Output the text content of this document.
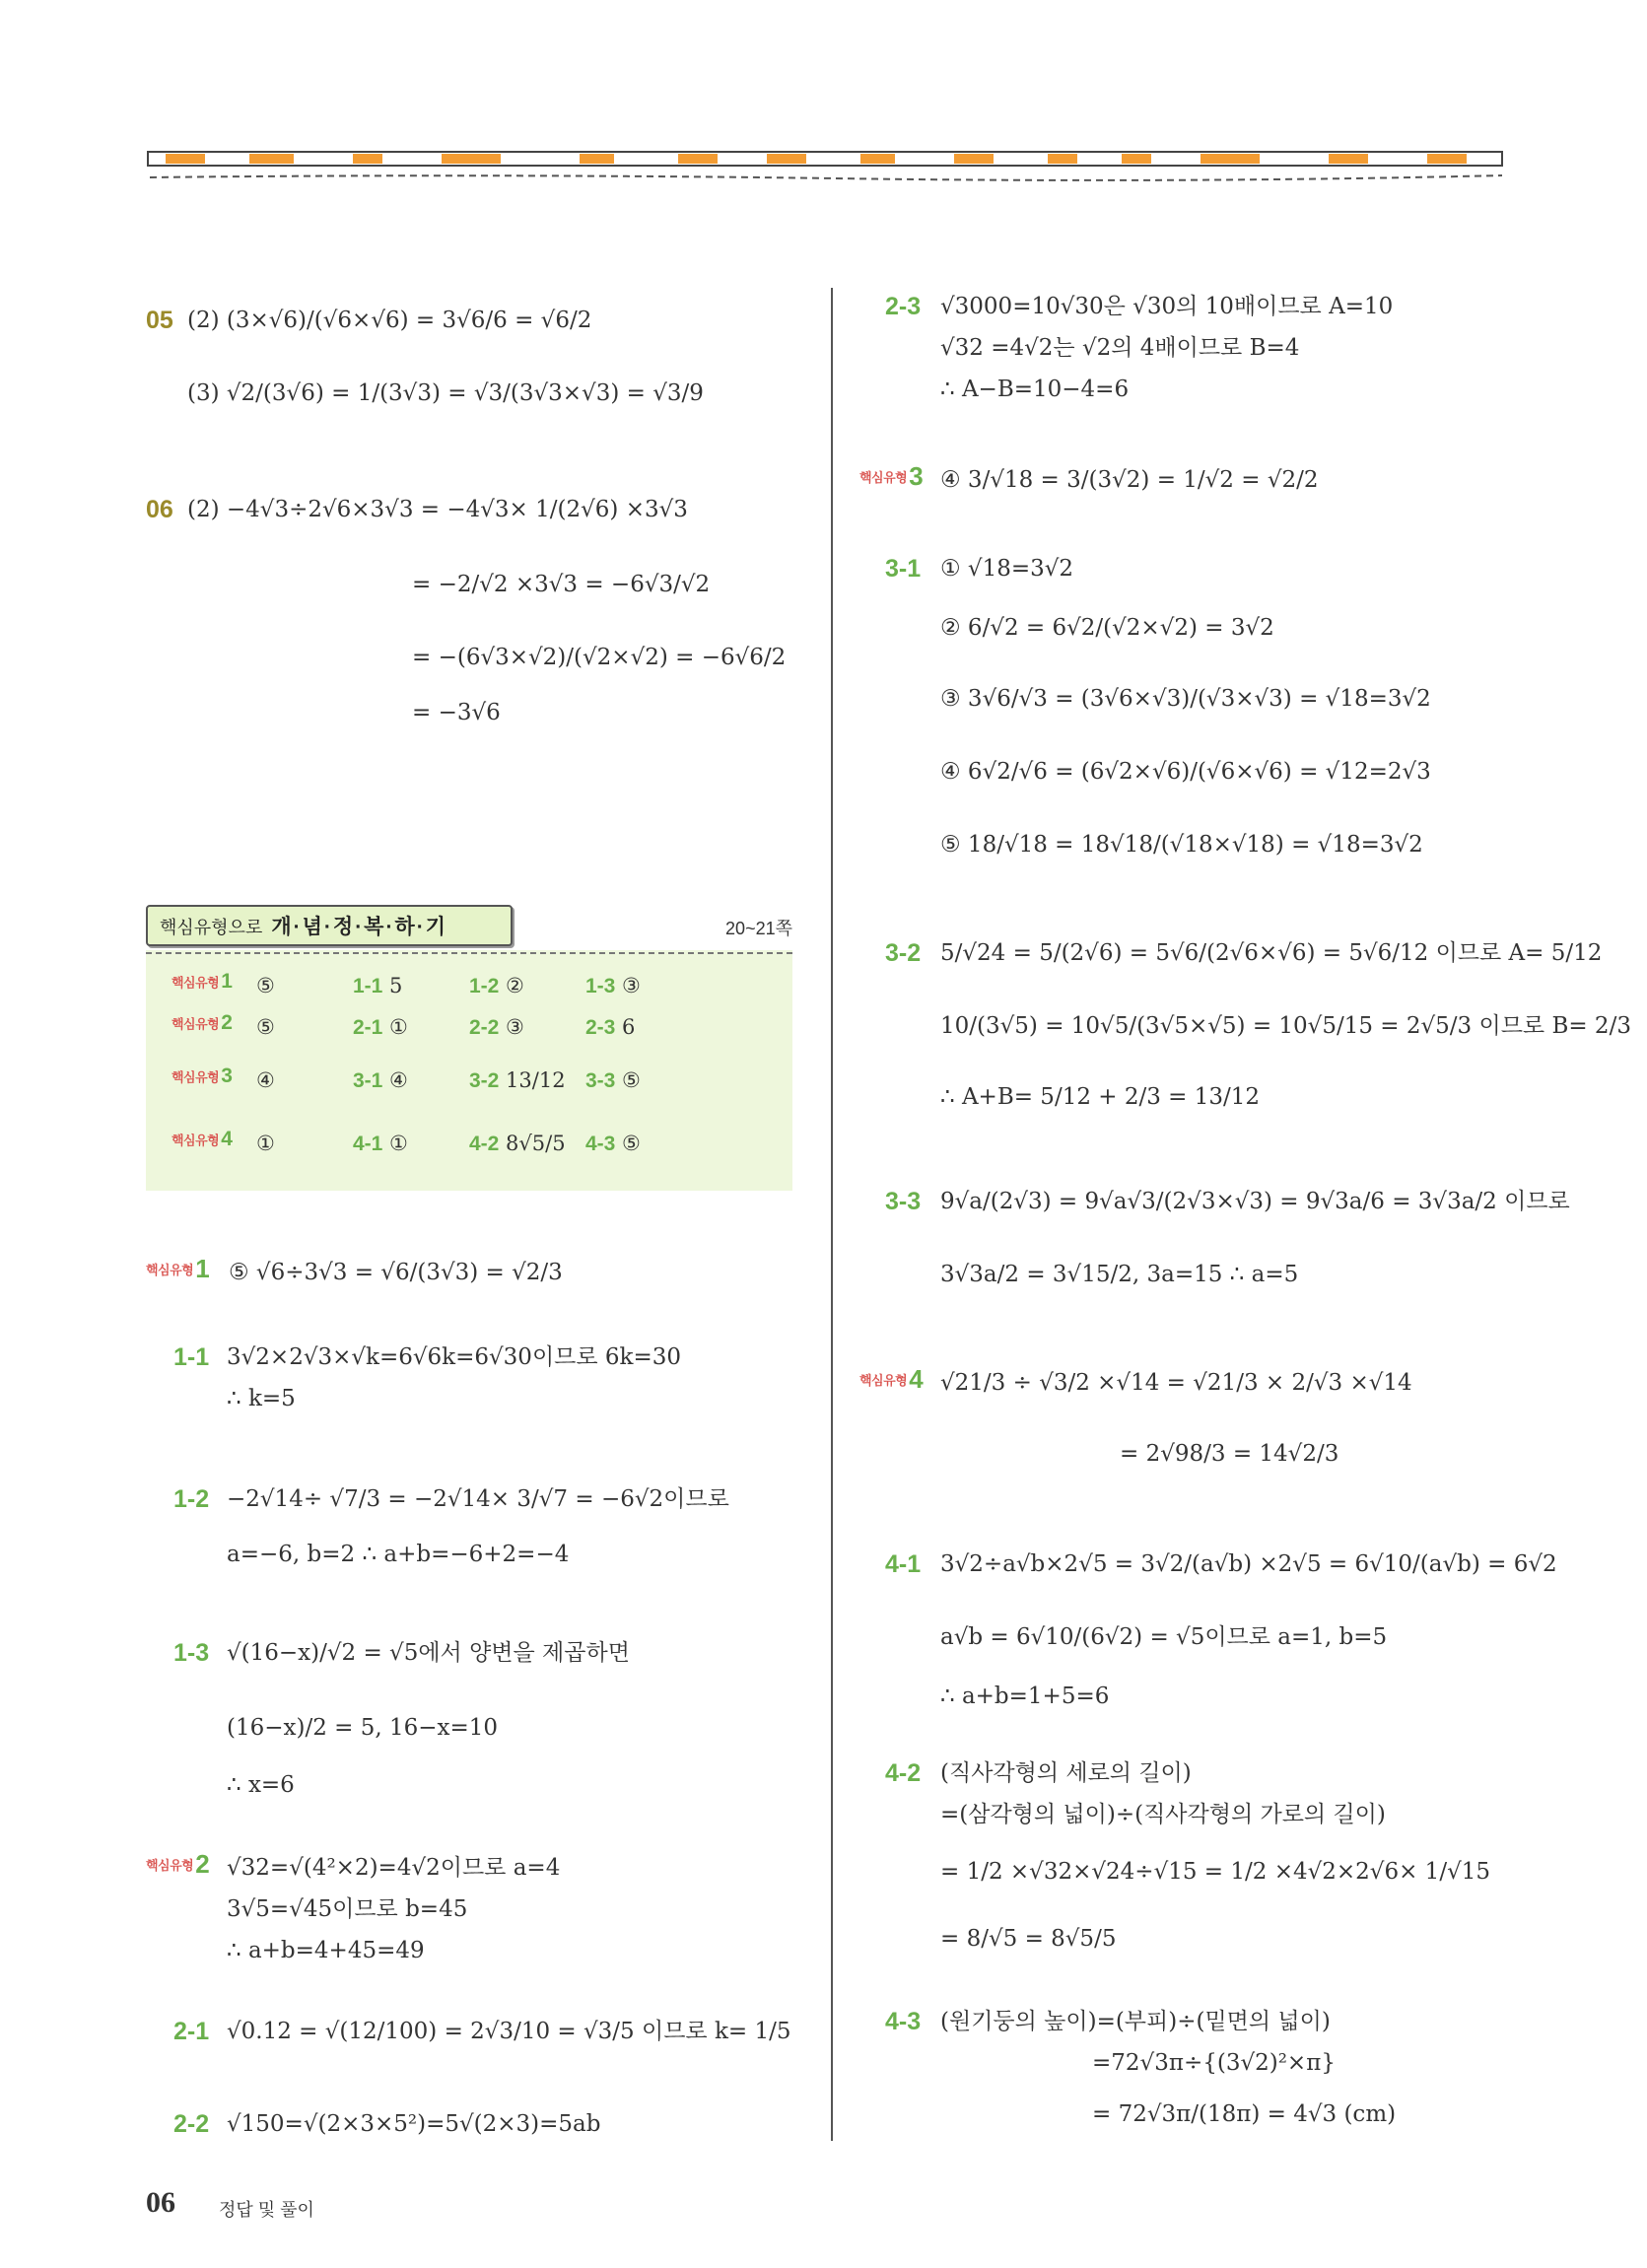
05 (2) (3×√6)/(√6×√6) = 3√6/6 = √6/2
(3) √2/(3√6) = 1/(3√3) = √3/(3√3×√3) = √3/9
06 (2) −4√3÷2√6×3√3 = −4√3× 1/(2√6) ×3√3
= −2/√2 ×3√3 = −6√3/√2
= −(6√3×√2)/(√2×√2) = −6√6/2
= −3√6
핵심유형으로 개·념·정·복·하·기	20~21쪽
핵심유형1 ⑤	1-1 5	1-2 ②	1-3 ③
핵심유형2 ⑤	2-1 ①	2-2 ③	2-3 6
핵심유형3 ④	3-1 ④	3-2 13/12 3-3 ⑤
핵심유형4 ①	4-1 ①	4-2 8√5/5 4-3 ⑤
핵심유형1 ⑤ √6÷3√3 = √6/(3√3) = √2/3
1-1 3√2×2√3×√k=6√6k=6√30이므로 6k=30
∴ k=5
1-2 −2√14÷ √7/3 = −2√14× 3/√7 = −6√2이므로
a=−6, b=2 ∴ a+b=−6+2=−4
1-3 √(16−x)/√2 = √5에서 양변을 제곱하면
(16−x)/2 = 5, 16−x=10
∴ x=6
핵심유형2 √32=√(4²×2)=4√2이므로 a=4
3√5=√45이므로 b=45
∴ a+b=4+45=49
2-1 √0.12 = √(12/100) = 2√3/10 = √3/5 이므로 k= 1/5
2-2 √150=√(2×3×5²)=5√(2×3)=5ab
2-3 √3000=10√30은 √30의 10배이므로 A=10
√32 =4√2는 √2의 4배이므로 B=4
∴ A−B=10−4=6
핵심유형3 ④ 3/√18 = 3/(3√2) = 1/√2 = √2/2
3-1 ① √18=3√2
② 6/√2 = 6√2/(√2×√2) = 3√2
③ 3√6/√3 = (3√6×√3)/(√3×√3) = √18=3√2
④ 6√2/√6 = (6√2×√6)/(√6×√6) = √12=2√3
⑤ 18/√18 = 18√18/(√18×√18) = √18=3√2
3-2 5/√24 = 5/(2√6) = 5√6/(2√6×√6) = 5√6/12 이므로 A= 5/12
10/(3√5) = 10√5/(3√5×√5) = 10√5/15 = 2√5/3 이므로 B= 2/3
∴ A+B= 5/12 + 2/3 = 13/12
3-3 9√a/(2√3) = 9√a√3/(2√3×√3) = 9√3a/6 = 3√3a/2 이므로
3√3a/2 = 3√15/2, 3a=15 ∴ a=5
핵심유형4 √21/3 ÷ √3/2 ×√14 = √21/3 × 2/√3 ×√14
= 2√98/3 = 14√2/3
4-1 3√2÷a√b×2√5 = 3√2/(a√b) ×2√5 = 6√10/(a√b) = 6√2
a√b = 6√10/(6√2) = √5이므로 a=1, b=5
∴ a+b=1+5=6
4-2 (직사각형의 세로의 길이)
=(삼각형의 넓이)÷(직사각형의 가로의 길이)
= 1/2 ×√32×√24÷√15 = 1/2 ×4√2×2√6× 1/√15
= 8/√5 = 8√5/5
4-3 (원기둥의 높이)=(부피)÷(밑면의 넓이)
=72√3π÷{(3√2)²×π}
= 72√3π/(18π) = 4√3 (cm)
06 정답 및 풀이
